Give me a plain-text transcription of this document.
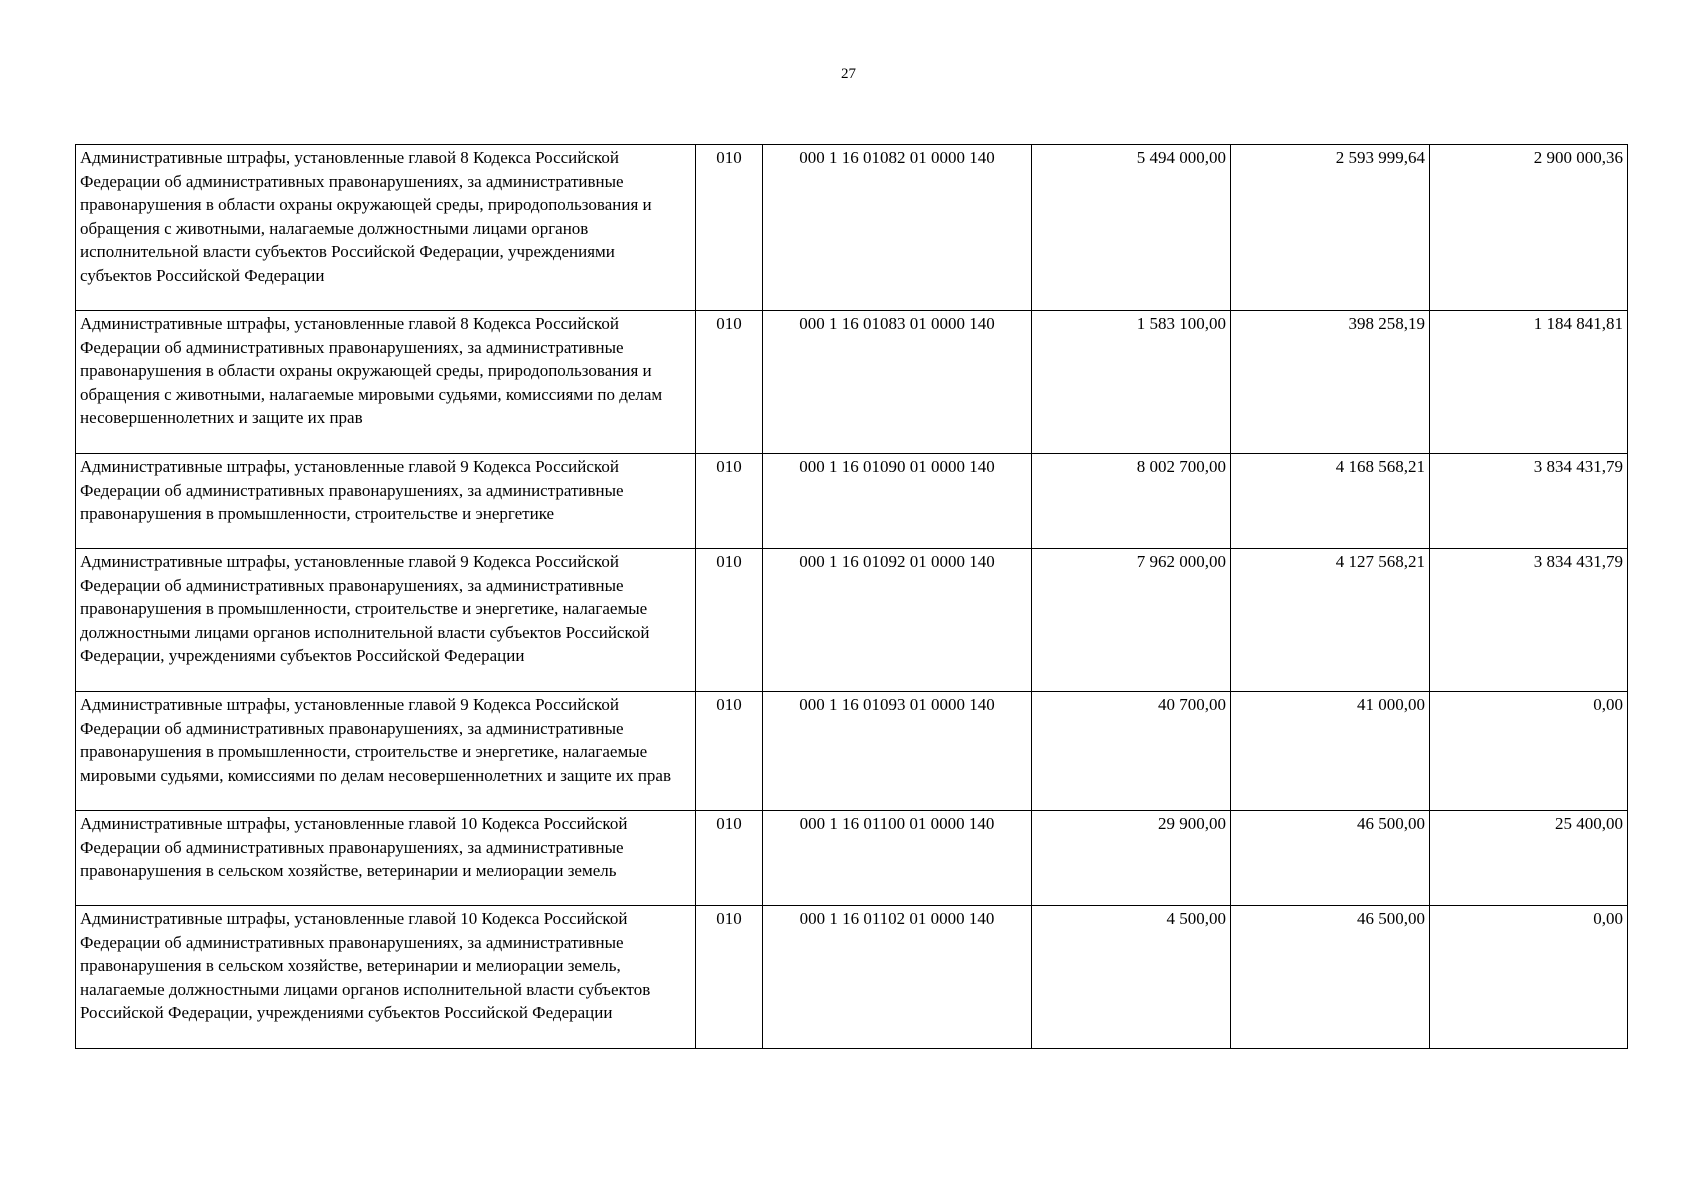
27
Административные штрафы, установленные главой 8 Кодекса Российской Федерации об административных правонарушениях, за административные правонарушения в области охраны окружающей среды, природопользования и обращения с животными, налагаемые должностными лицами органов исполнительной власти субъектов Российской Федерации, учреждениями субъектов Российской Федерации	010	000 1 16 01082 01 0000 140	5 494 000,00	2 593 999,64	2 900 000,36
Административные штрафы, установленные главой 8 Кодекса Российской Федерации об административных правонарушениях, за административные правонарушения в области охраны окружающей среды, природопользования и обращения с животными, налагаемые мировыми судьями, комиссиями по делам несовершеннолетних и защите их прав	010	000 1 16 01083 01 0000 140	1 583 100,00	398 258,19	1 184 841,81
Административные штрафы, установленные главой 9 Кодекса Российской Федерации об административных правонарушениях, за административные правонарушения в промышленности, строительстве и энергетике	010	000 1 16 01090 01 0000 140	8 002 700,00	4 168 568,21	3 834 431,79
Административные штрафы, установленные главой 9 Кодекса Российской Федерации об административных правонарушениях, за административные правонарушения в промышленности, строительстве и энергетике, налагаемые должностными лицами органов исполнительной власти субъектов Российской Федерации, учреждениями субъектов Российской Федерации	010	000 1 16 01092 01 0000 140	7 962 000,00	4 127 568,21	3 834 431,79
Административные штрафы, установленные главой 9 Кодекса Российской Федерации об административных правонарушениях, за административные правонарушения в промышленности, строительстве и энергетике, налагаемые мировыми судьями, комиссиями по делам несовершеннолетних и защите их прав	010	000 1 16 01093 01 0000 140	40 700,00	41 000,00	0,00
Административные штрафы, установленные главой 10 Кодекса Российской Федерации об административных правонарушениях, за административные правонарушения в сельском хозяйстве, ветеринарии и мелиорации земель	010	000 1 16 01100 01 0000 140	29 900,00	46 500,00	25 400,00
Административные штрафы, установленные главой 10 Кодекса Российской Федерации об административных правонарушениях, за административные правонарушения в сельском хозяйстве, ветеринарии и мелиорации земель, налагаемые должностными лицами органов исполнительной власти субъектов Российской Федерации, учреждениями субъектов Российской Федерации	010	000 1 16 01102 01 0000 140	4 500,00	46 500,00	0,00
